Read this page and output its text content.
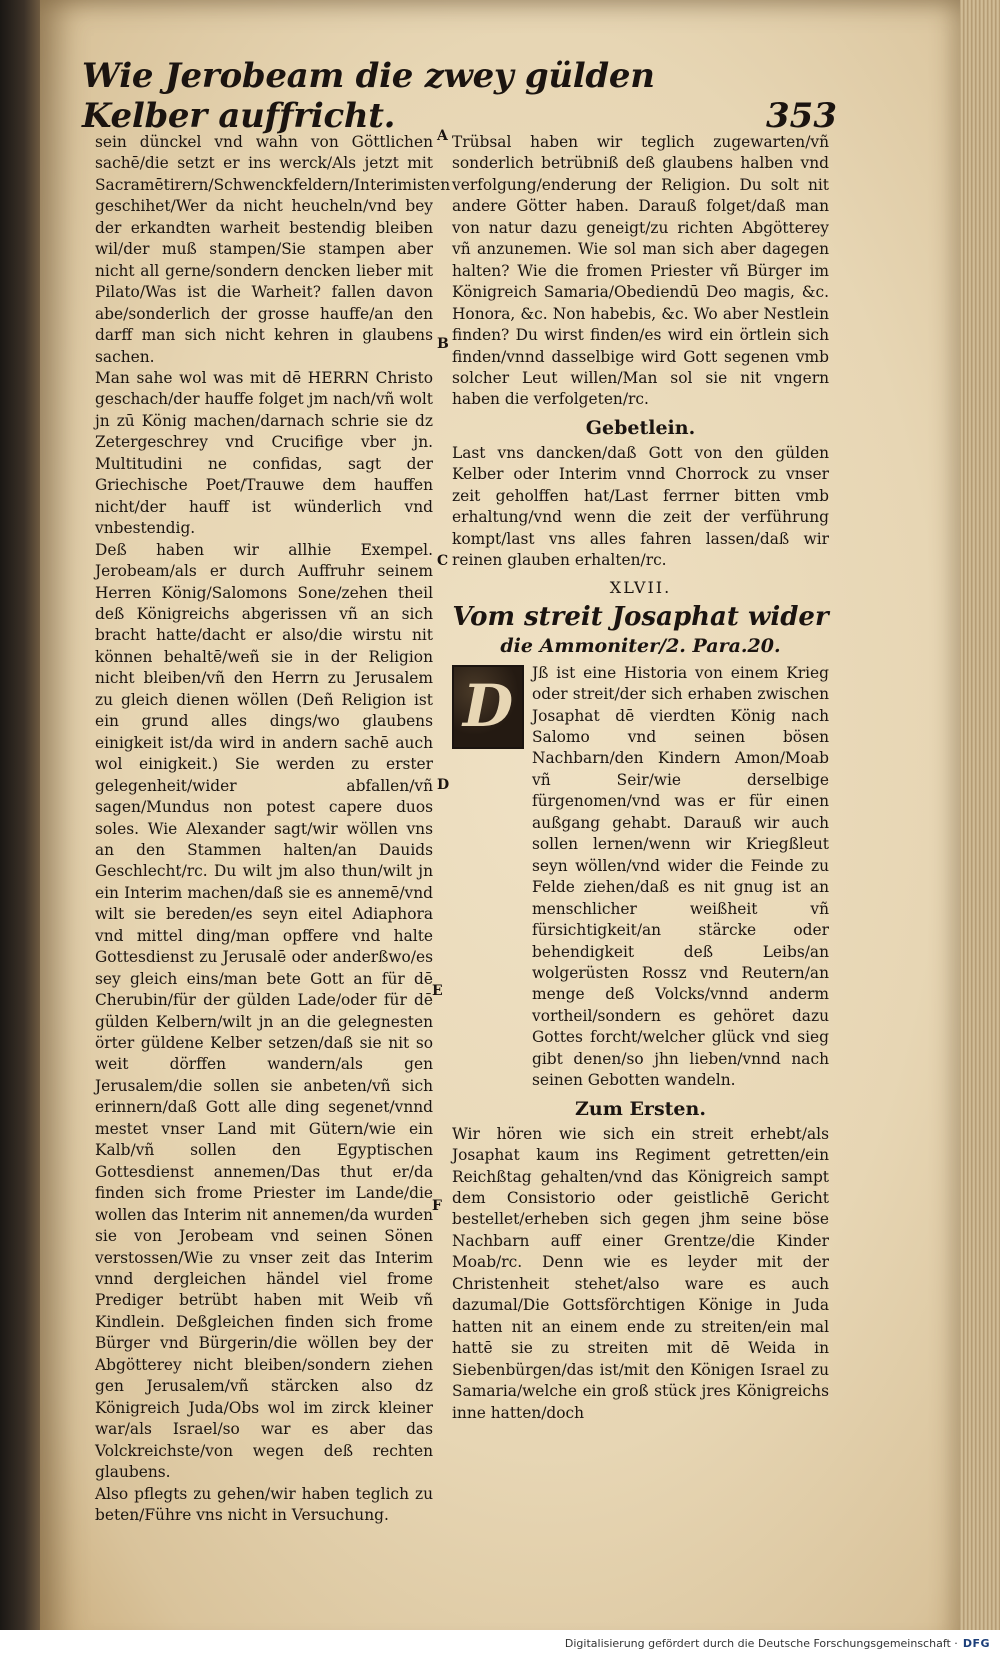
Wie Jerobeam die zwey gülden Kelber auffricht.	353
A
B
C
D
E
F

sein dünckel vnd wahn von Göttlichen sachē/die setzt er ins werck/Als jetzt mit Sacramētirern/Schwenckfeldern/Interimisten geschihet/Wer da nicht heucheln/vnd bey der erkandten warheit bestendig bleiben wil/der muß stampen/Sie stampen aber nicht all gerne/sondern dencken lieber mit Pilato/Was ist die Warheit? fallen davon abe/sonderlich der grosse hauffe/an den darff man sich nicht kehren in glaubens sachen.

Man sahe wol was mit dē HERRN Christo geschach/der hauffe folget jm nach/vñ wolt jn zū König machen/darnach schrie sie dz Zetergeschrey vnd Crucifige vber jn. Multitudini ne confidas, sagt der Griechische Poet/Trauwe dem hauffen nicht/der hauff ist wünderlich vnd vnbestendig.

Deß haben wir allhie Exempel. Jerobeam/als er durch Auffruhr seinem Herren König/Salomons Sone/zehen theil deß Königreichs abgerissen vñ an sich bracht hatte/dacht er also/die wirstu nit können behaltē/weñ sie in der Religion nicht bleiben/vñ den Herrn zu Jerusalem zu gleich dienen wöllen (Deñ Religion ist ein grund alles dings/wo glaubens einigkeit ist/da wird in andern sachē auch wol einigkeit.) Sie werden zu erster gelegenheit/wider abfallen/vñ sagen/Mundus non potest capere duos soles. Wie Alexander sagt/wir wöllen vns an den Stammen halten/an Dauids Geschlecht/rc. Du wilt jm also thun/wilt jn ein Interim machen/daß sie es annemē/vnd wilt sie bereden/es seyn eitel Adiaphora vnd mittel ding/man opffere vnd halte Gottesdienst zu Jerusalē oder anderßwo/es sey gleich eins/man bete Gott an für dē Cherubin/für der gülden Lade/oder für dē gülden Kelbern/wilt jn an die gelegnesten örter güldene Kelber setzen/daß sie nit so weit dörffen wandern/als gen Jerusalem/die sollen sie anbeten/vñ sich erinnern/daß Gott alle ding segenet/vnnd mestet vnser Land mit Gütern/wie ein Kalb/vñ sollen den Egyptischen Gottesdienst annemen/Das thut er/da finden sich frome Priester im Lande/die wollen das Interim nit annemen/da wurden sie von Jerobeam vnd seinen Sönen verstossen/Wie zu vnser zeit das Interim vnnd dergleichen händel viel frome Prediger betrübt haben mit Weib vñ Kindlein. Deßgleichen finden sich frome Bürger vnd Bürgerin/die wöllen bey der Abgötterey nicht bleiben/sondern ziehen gen Jerusalem/vñ stärcken also dz Königreich Juda/Obs wol im zirck kleiner war/als Israel/so war es aber das Volckreichste/von wegen deß rechten glaubens.

Also pflegts zu gehen/wir haben teglich zu beten/Führe vns nicht in Versuchung.

Trübsal haben wir teglich zugewarten/vñ sonderlich betrübniß deß glaubens halben vnd verfolgung/enderung der Religion. Du solt nit andere Götter haben. Darauß folget/daß man von natur dazu geneigt/zu richten Abgötterey vñ anzunemen. Wie sol man sich aber dagegen halten? Wie die fromen Priester vñ Bürger im Königreich Samaria/Obediendū Deo magis, &c. Honora, &c. Non habebis, &c. Wo aber Nestlein finden? Du wirst finden/es wird ein örtlein sich finden/vnnd dasselbige wird Gott segenen vmb solcher Leut willen/Man sol sie nit vngern haben die verfolgeten/rc.

Gebetlein.

Last vns dancken/daß Gott von den gülden Kelber oder Interim vnnd Chorrock zu vnser zeit geholffen hat/Last ferrner bitten vmb erhaltung/vnd wenn die zeit der verführung kompt/last vns alles fahren lassen/daß wir reinen glauben erhalten/rc.

XLVII.
Vom streit Josaphat wider
die Ammoniter/2. Para.20.
D	Jß ist eine Historia von einem Krieg oder streit/der sich erhaben zwischen Josaphat dē vierdten König nach Salomo vnd seinen bösen Nachbarn/den Kindern Amon/Moab vñ Seir/wie derselbige fürgenomen/vnd was er für einen außgang gehabt. Darauß wir auch sollen lernen/wenn wir Kriegßleut seyn wöllen/vnd wider die Feinde zu Felde ziehen/daß es nit gnug ist an menschlicher weißheit vñ fürsichtigkeit/an stärcke oder behendigkeit deß Leibs/an wolgerüsten Rossz vnd Reutern/an menge deß Volcks/vnnd anderm vortheil/sondern es gehöret dazu Gottes forcht/welcher glück vnd sieg gibt denen/so jhn lieben/vnnd nach seinen Gebotten wandeln.

Zum Ersten.

Wir hören wie sich ein streit erhebt/als Josaphat kaum ins Regiment getretten/ein Reichßtag gehalten/vnd das Königreich sampt dem Consistorio oder geistlichē Gericht bestellet/erheben sich gegen jhm seine böse Nachbarn auff einer Grentze/die Kinder Moab/rc. Denn wie es leyder mit der Christenheit stehet/also ware es auch dazumal/Die Gottsförchtigen Könige in Juda hatten nit an einem ende zu streiten/ein mal hattē sie zu streiten mit dē Weida in Siebenbürgen/das ist/mit den Königen Israel zu Samaria/welche ein groß stück jres Königreichs inne hatten/doch

Digitalisierung gefördert durch die Deutsche Forschungsgemeinschaft · DFG
